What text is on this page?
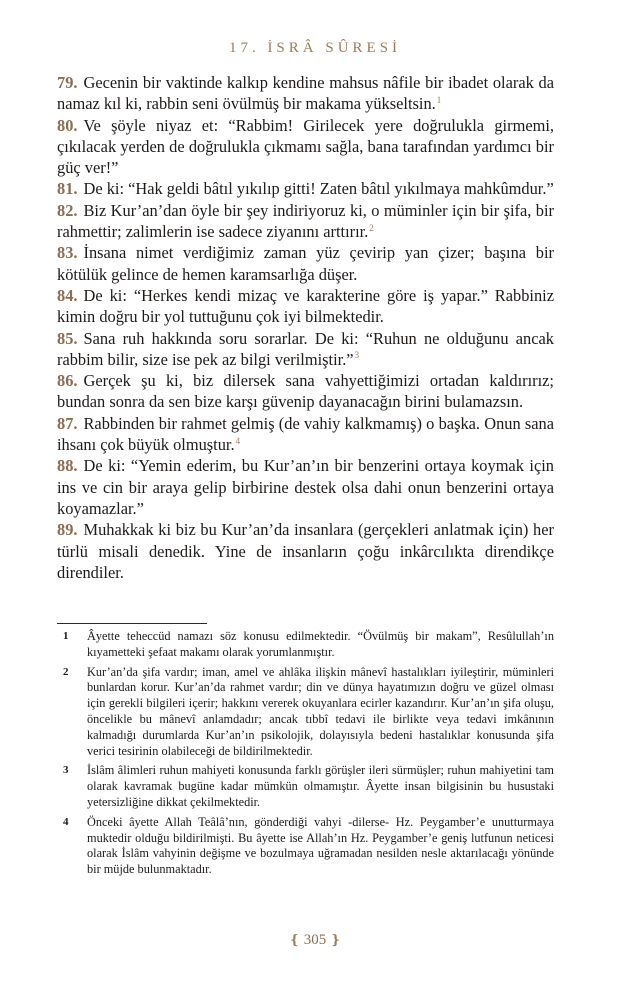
17. İSRÂ SÛRESİ

79. Gecenin bir vaktinde kalkıp kendine mahsus nâfile bir ibadet olarak da namaz kıl ki, rabbin seni övülmüş bir makama yükseltsin.$^1$

80. Ve şöyle niyaz et: “Rabbim! Girilecek yere doğrulukla girmemi, çıkılacak yerden de doğrulukla çıkmamı sağla, bana tarafından yardımcı bir güç ver!”

81. De ki: “Hak geldi bâtıl yıkılıp gitti! Zaten bâtıl yıkılmaya mahkûmdur.”

82. Biz Kur’an’dan öyle bir şey indiriyoruz ki, o müminler için bir şifa, bir rahmettir; zalimlerin ise sadece ziyanını arttırır.$^2$

83. İnsana nimet verdiğimiz zaman yüz çevirip yan çizer; başına bir kötülük gelince de hemen karamsarlığa düşer.

84. De ki: “Herkes kendi mizaç ve karakterine göre iş yapar.” Rabbiniz kimin doğru bir yol tuttuğunu çok iyi bilmektedir.

85. Sana ruh hakkında soru sorarlar. De ki: “Ruhun ne olduğunu ancak rabbim bilir, size ise pek az bilgi verilmiştir.”$^3$

86. Gerçek şu ki, biz dilersek sana vahyettiğimizi ortadan kaldırırız; bundan sonra da sen bize karşı güvenip dayanacağın birini bulamazsın.

87. Rabbinden bir rahmet gelmiş (de vahiy kalkmamış) o başka. Onun sana ihsanı çok büyük olmuştur.$^4$

88. De ki: “Yemin ederim, bu Kur’an’ın bir benzerini ortaya koymak için ins ve cin bir araya gelip birbirine destek olsa dahi onun benzerini ortaya koyamazlar.”

89. Muhakkak ki biz bu Kur’an’da insanlara (gerçekleri anlatmak için) her türlü misali denedik. Yine de insanların çoğu inkârcılıkta direndikçe direndiler.

1	Âyette teheccüd namazı söz konusu edilmektedir. “Övülmüş bir makam”, Resûlullah’ın kıyametteki şefaat makamı olarak yorumlanmıştır.
2	Kur’an’da şifa vardır; iman, amel ve ahlâka ilişkin mânevî hastalıkları iyileştirir, müminleri bunlardan korur. Kur’an’da rahmet vardır; din ve dünya hayatımızın doğru ve güzel olması için gerekli bilgileri içerir; hakkını vererek okuyanlara ecirler kazandırır. Kur’an’ın şifa oluşu, öncelikle bu mânevî anlamdadır; ancak tıbbî tedavi ile birlikte veya tedavi imkânının kalmadığı durumlarda Kur’an’ın psikolojik, dolayısıyla bedeni hastalıklar konusunda şifa verici tesirinin olabileceği de bildirilmektedir.
3	İslâm âlimleri ruhun mahiyeti konusunda farklı görüşler ileri sürmüşler; ruhun mahiyetini tam olarak kavramak bugüne kadar mümkün olmamıştır. Âyette insan bilgisinin bu husustaki yetersizliğine dikkat çekilmektedir.
4	Önceki âyette Allah Teâlâ’nın, gönderdiği vahyi -dilerse- Hz. Peygamber’e unutturmaya muktedir olduğu bildirilmişti. Bu âyette ise Allah’ın Hz. Peygamber’e geniş lutfunun neticesi olarak İslâm vahyinin değişme ve bozulmaya uğramadan nesilden nesle aktarılacağı yönünde bir müjde bulunmaktadır.
❴ 305 ❵
